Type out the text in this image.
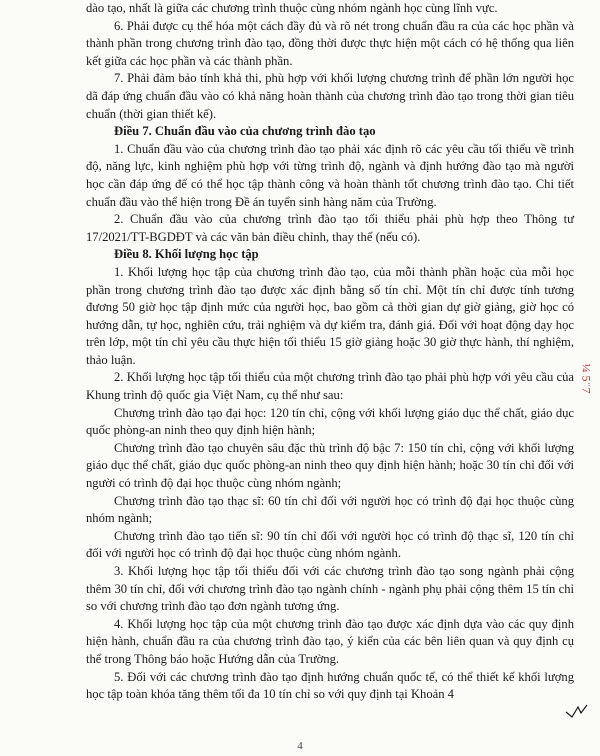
dào tạo, nhất là giữa các chương trình thuộc cùng nhóm ngành học cùng lĩnh vực.

6. Phải được cụ thể hóa một cách đầy đủ và rõ nét trong chuẩn đầu ra của các học phần và thành phần trong chương trình đào tạo, đồng thời được thực hiện một cách có hệ thống qua liên kết giữa các học phần và các thành phần.

7. Phải đảm bảo tính khả thi, phù hợp với khối lượng chương trình để phần lớn người học dã đáp ứng chuẩn đầu vào có khả năng hoàn thành của chương trình đào tạo trong thời gian tiêu chuẩn (thời gian thiết kế).

Điều 7. Chuẩn đầu vào của chương trình đào tạo

1. Chuẩn đầu vào của chương trình đào tạo phải xác định rõ các yêu cầu tối thiểu về trình độ, năng lực, kinh nghiệm phù hợp với từng trình độ, ngành và định hướng đào tạo mà người học cần đáp ứng để có thể học tập thành công và hoàn thành tốt chương trình đào tạo. Chi tiết chuẩn đầu vào thể hiện trong Đề án tuyển sinh hàng năm của Trường.

2. Chuẩn đầu vào của chương trình đào tạo tối thiểu phải phù hợp theo Thông tư 17/2021/TT-BGDĐT và các văn bản điều chỉnh, thay thế (nếu có).

Điều 8. Khối lượng học tập

1. Khối lượng học tập của chương trình đào tạo, của mỗi thành phần hoặc của mỗi học phần trong chương trình đào tạo được xác định bằng số tín chỉ. Một tín chỉ được tính tương đương 50 giờ học tập định mức của người học, bao gồm cả thời gian dự giờ giảng, giờ học có hướng dẫn, tự học, nghiên cứu, trải nghiệm và dự kiểm tra, đánh giá. Đối với hoạt động dạy học trên lớp, một tín chỉ yêu cầu thực hiện tối thiểu 15 giờ giảng hoặc 30 giờ thực hành, thí nghiệm, thảo luận.

2. Khối lượng học tập tối thiểu của một chương trình đào tạo phải phù hợp với yêu cầu của Khung trình độ quốc gia Việt Nam, cụ thể như sau:

Chương trình đào tạo đại học: 120 tín chỉ, cộng với khối lượng giáo dục thể chất, giáo dục quốc phòng-an ninh theo quy định hiện hành;

Chương trình đào tạo chuyên sâu đặc thù trình độ bậc 7: 150 tín chỉ, cộng với khối lượng giáo dục thể chất, giáo dục quốc phòng-an ninh theo quy định hiện hành; hoặc 30 tín chỉ đối với người có trình độ đại học thuộc cùng nhóm ngành;

Chương trình đào tạo thạc sĩ: 60 tín chỉ đối với người học có trình độ đại học thuộc cùng nhóm ngành;

Chương trình đào tạo tiến sĩ: 90 tín chỉ đối với người học có trình độ thạc sĩ, 120 tín chỉ đối với người học có trình độ đại học thuộc cùng nhóm ngành.

3. Khối lượng học tập tối thiểu đối với các chương trình đào tạo song ngành phải cộng thêm 30 tín chỉ, đối với chương trình đào tạo ngành chính - ngành phụ phải cộng thêm 15 tín chỉ so với chương trình đào tạo đơn ngành tương ứng.

4. Khối lượng học tập của một chương trình đào tạo được xác định dựa vào các quy định hiện hành, chuẩn đầu ra của chương trình đào tạo, ý kiến của các bên liên quan và quy định cụ thể trong Thông báo hoặc Hướng dẫn của Trường.

5. Đối với các chương trình đào tạo định hướng chuẩn quốc tế, có thể thiết kế khối lượng học tập toàn khóa tăng thêm tối đa 10 tín chỉ so với quy định tại Khoản 4

¼ 5 ̈ 7
4
